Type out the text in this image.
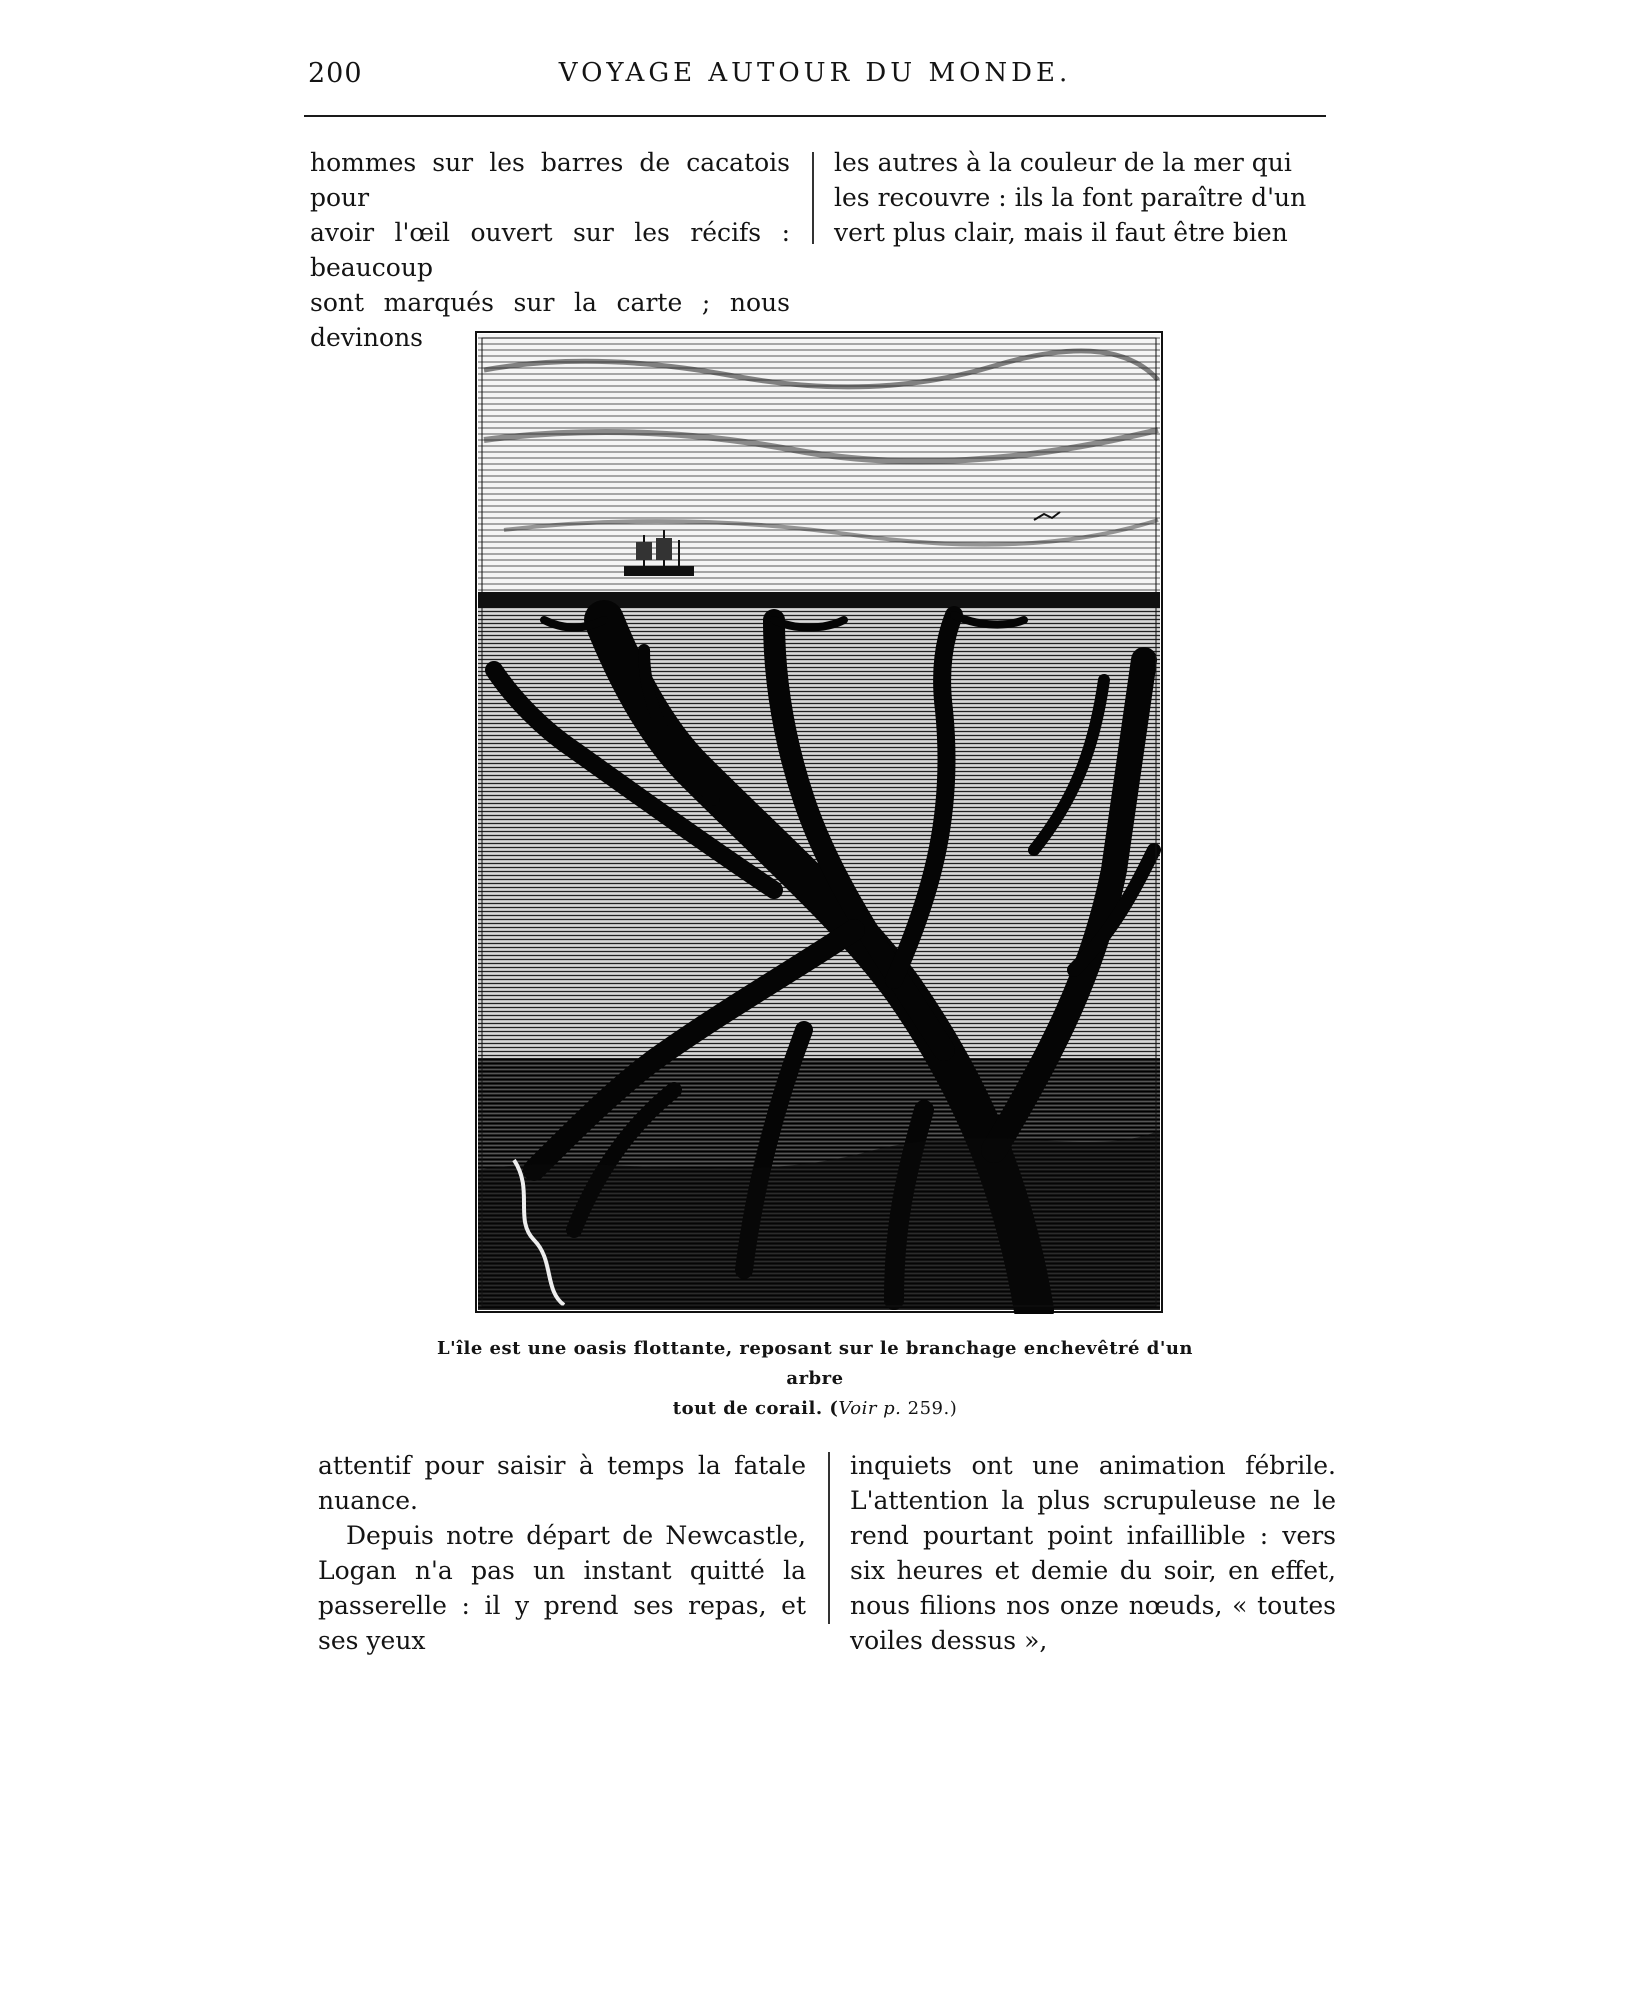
200	VOYAGE AUTOUR DU MONDE.
hommes sur les barres de cacatois pour
avoir l'œil ouvert sur les récifs : beaucoup
sont marqués sur la carte ; nous devinons
les autres à la couleur de la mer qui
les recouvre : ils la font paraître d'un
vert plus clair, mais il faut être bien
L'île est une oasis flottante, reposant sur le branchage enchevêtré d'un arbre
tout de corail. (Voir p. 259.)

attentif pour saisir à temps la fatale nuance.

Depuis notre départ de Newcastle, Logan n'a pas un instant quitté la passerelle : il y prend ses repas, et ses yeux

inquiets ont une animation fébrile. L'attention la plus scrupuleuse ne le rend pourtant point infaillible : vers six heures et demie du soir, en effet, nous filions nos onze nœuds, « toutes voiles dessus »,
